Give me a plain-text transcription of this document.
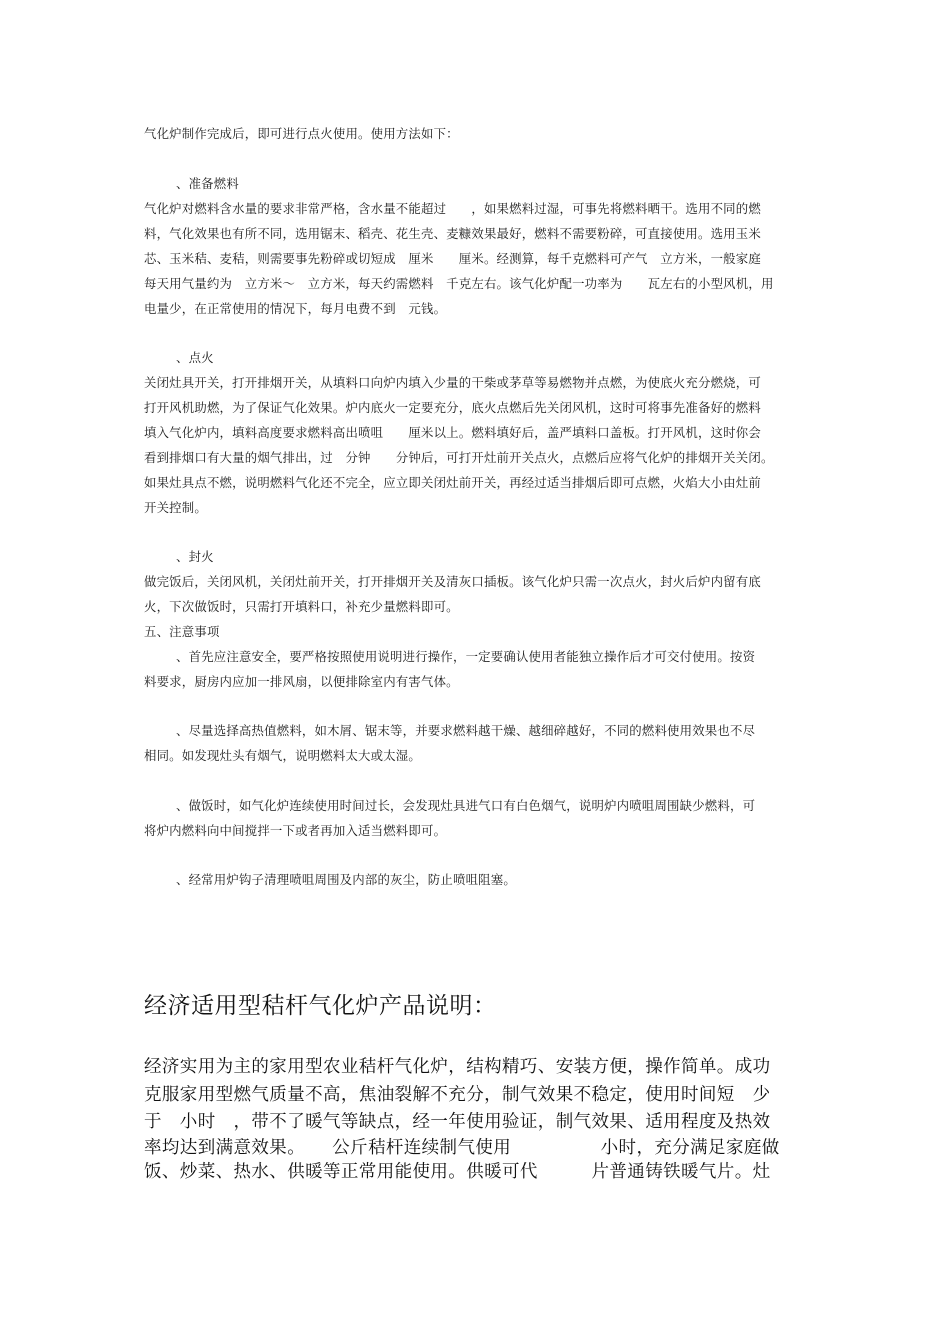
气化炉制作完成后，即可进行点火使用。使用方法如下：
、准备燃料
气化炉对燃料含水量的要求非常严格，含水量不能超过　　，如果燃料过湿，可事先将燃料晒干。选用不同的燃
料，气化效果也有所不同，选用锯末、稻壳、花生壳、麦糠效果最好，燃料不需要粉碎，可直接使用。选用玉米
芯、玉米秸、麦秸，则需要事先粉碎或切短成　厘米　　厘米。经测算，每千克燃料可产气　立方米，一般家庭
每天用气量约为　立方米～　立方米，每天约需燃料　千克左右。该气化炉配一功率为　　瓦左右的小型风机，用
电量少，在正常使用的情况下，每月电费不到　元钱。
、点火
关闭灶具开关，打开排烟开关，从填料口向炉内填入少量的干柴或茅草等易燃物并点燃，为使底火充分燃烧，可
打开风机助燃，为了保证气化效果。炉内底火一定要充分，底火点燃后先关闭风机，这时可将事先准备好的燃料
填入气化炉内，填料高度要求燃料高出喷咀　　厘米以上。燃料填好后，盖严填料口盖板。打开风机，这时你会
看到排烟口有大量的烟气排出，过　分钟　　分钟后，可打开灶前开关点火，点燃后应将气化炉的排烟开关关闭。
如果灶具点不燃，说明燃料气化还不完全，应立即关闭灶前开关，再经过适当排烟后即可点燃，火焰大小由灶前
开关控制。
、封火
做完饭后，关闭风机，关闭灶前开关，打开排烟开关及清灰口插板。该气化炉只需一次点火，封火后炉内留有底
火，下次做饭时，只需打开填料口，补充少量燃料即可。
五、注意事项
、首先应注意安全，要严格按照使用说明进行操作，一定要确认使用者能独立操作后才可交付使用。按资
料要求，厨房内应加一排风扇，以便排除室内有害气体。
、尽量选择高热值燃料，如木屑、锯末等，并要求燃料越干燥、越细碎越好，不同的燃料使用效果也不尽
相同。如发现灶头有烟气，说明燃料太大或太湿。
、做饭时，如气化炉连续使用时间过长，会发现灶具进气口有白色烟气，说明炉内喷咀周围缺少燃料，可
将炉内燃料向中间搅拌一下或者再加入适当燃料即可。
、经常用炉钩子清理喷咀周围及内部的灰尘，防止喷咀阻塞。
经济适用型秸杆气化炉产品说明：
经济实用为主的家用型农业秸杆气化炉，结构精巧、安装方便，操作简单。成功
克服家用型燃气质量不高，焦油裂解不充分，制气效果不稳定，使用时间短　少
于　小时　，带不了暖气等缺点，经一年使用验证，制气效果、适用程度及热效
率均达到满意效果。　　公斤秸杆连续制气使用　　　　　小时，充分满足家庭做
饭、炒菜、热水、供暖等正常用能使用。供暖可代　　　片普通铸铁暖气片。灶
